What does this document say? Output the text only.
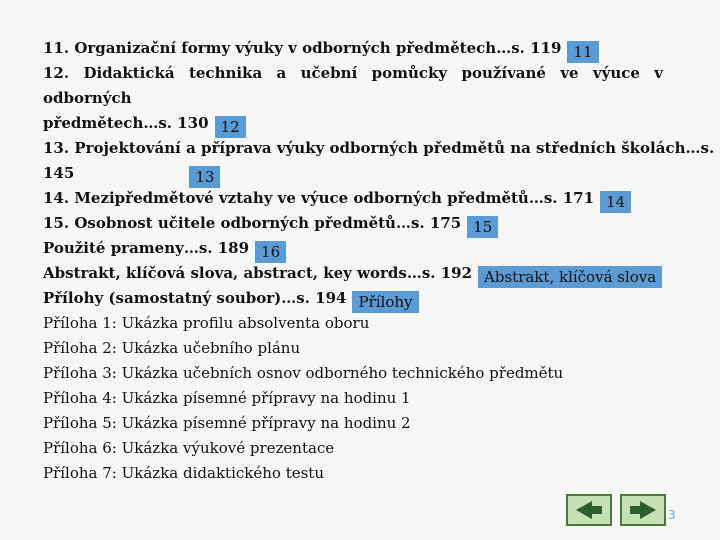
11. Organizační formy výuky v odborných předmětech…s. 119 11
12. Didaktická technika a učební pomůcky používané ve výuce v odborných
předmětech…s. 130 12
13. Projektování a příprava výuky odborných předmětů na středních školách…s.
145	13
14. Mezipředmětové vztahy ve výuce odborných předmětů…s. 171 14
15. Osobnost učitele odborných předmětů…s. 175 15
Použité prameny…s. 189 16
Abstrakt, klíčová slova, abstract, key words…s. 192 Abstrakt, klíčová slova
Přílohy (samostatný soubor)…s. 194 Přílohy
Příloha 1: Ukázka profilu absolventa oboru
Příloha 2: Ukázka učebního plánu
Příloha 3: Ukázka učebních osnov odborného technického předmětu
Příloha 4: Ukázka písemné přípravy na hodinu 1
Příloha 5: Ukázka písemné přípravy na hodinu 2
Příloha 6: Ukázka výukové prezentace
Příloha 7: Ukázka didaktického testu
3
